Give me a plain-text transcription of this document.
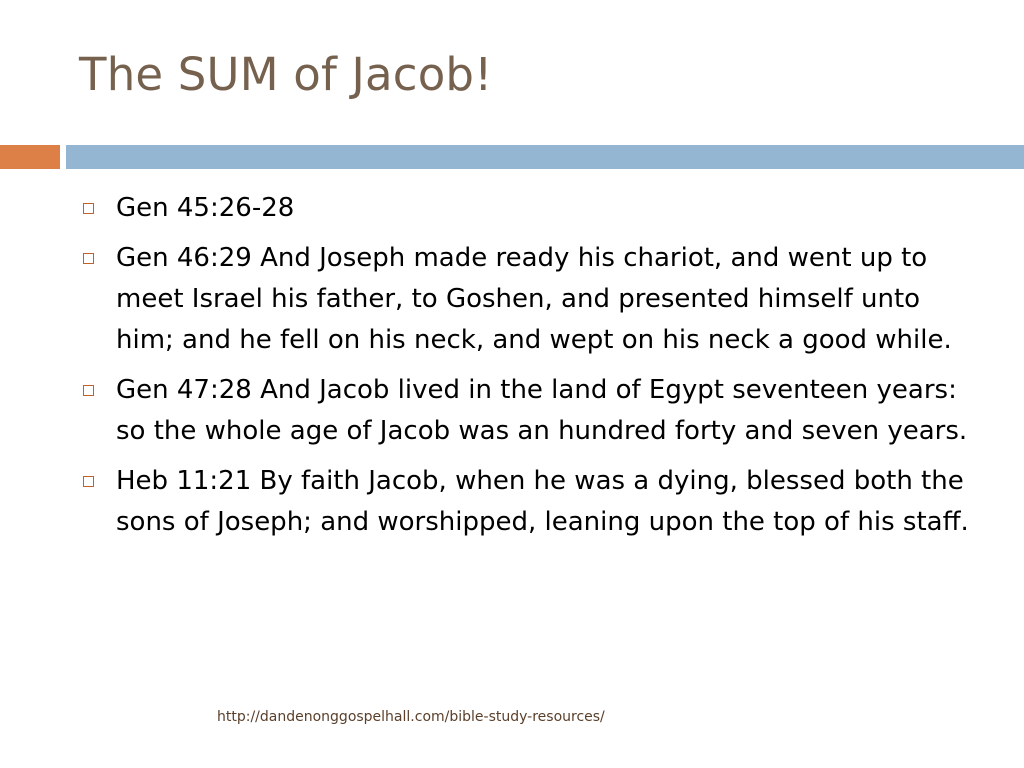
The SUM of Jacob!
Gen 45:26-28
Gen 46:29 And Joseph made ready his chariot, and went up to meet Israel his father, to Goshen, and presented himself unto him; and he fell on his neck, and wept on his neck a good while.
Gen 47:28 And Jacob lived in the land of Egypt seventeen years: so the whole age of Jacob was an hundred forty and seven years.
Heb 11:21 By faith Jacob, when he was a dying, blessed both the sons of Joseph; and worshipped, leaning upon the top of his staff.
http://dandenonggospelhall.com/bible-study-resources/
